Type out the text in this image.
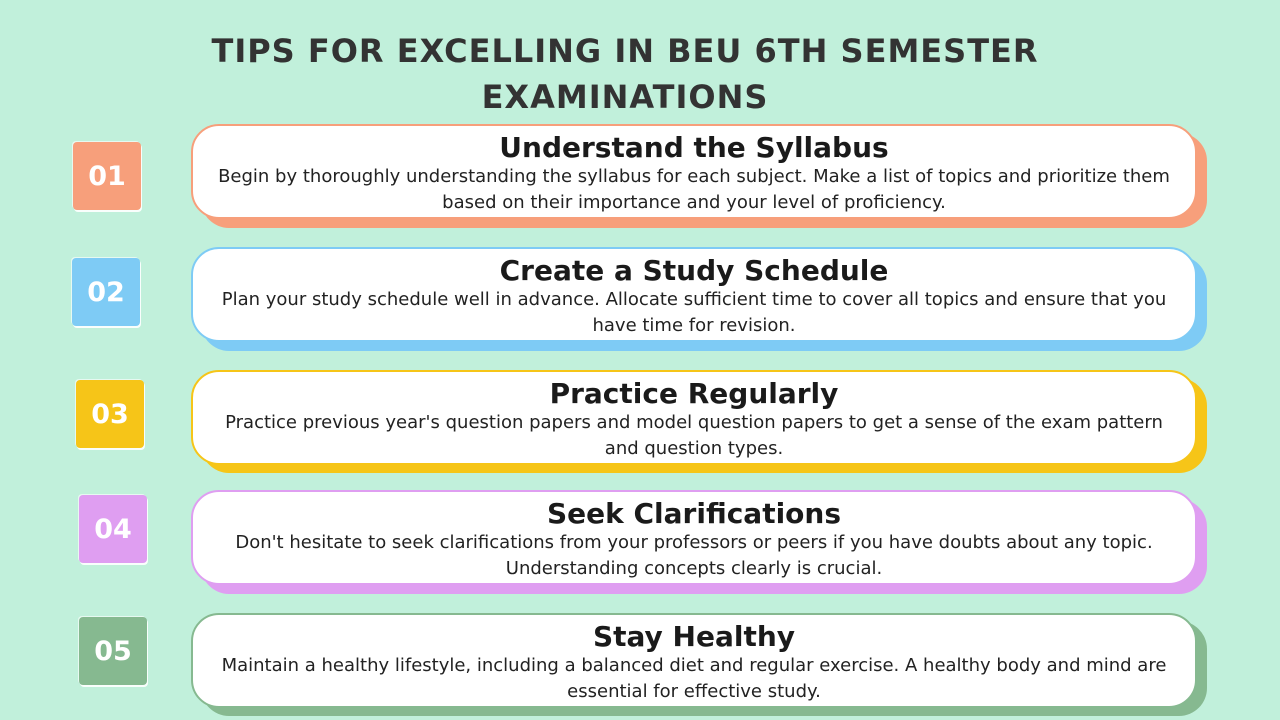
TIPS FOR EXCELLING IN BEU 6TH SEMESTER
EXAMINATIONS
01
Understand the Syllabus

Begin by thoroughly understanding the syllabus for each subject. Make a list of topics and prioritize them based on their importance and your level of proficiency.

02
Create a Study Schedule

Plan your study schedule well in advance. Allocate sufficient time to cover all topics and ensure that you have time for revision.

03
Practice Regularly

Practice previous year's question papers and model question papers to get a sense of the exam pattern and question types.

04	Seek Clarifications

Don't hesitate to seek clarifications from your professors or peers if you have doubts about any topic. Understanding concepts clearly is crucial.

05	Stay Healthy

Maintain a healthy lifestyle, including a balanced diet and regular exercise. A healthy body and mind are essential for effective study.
